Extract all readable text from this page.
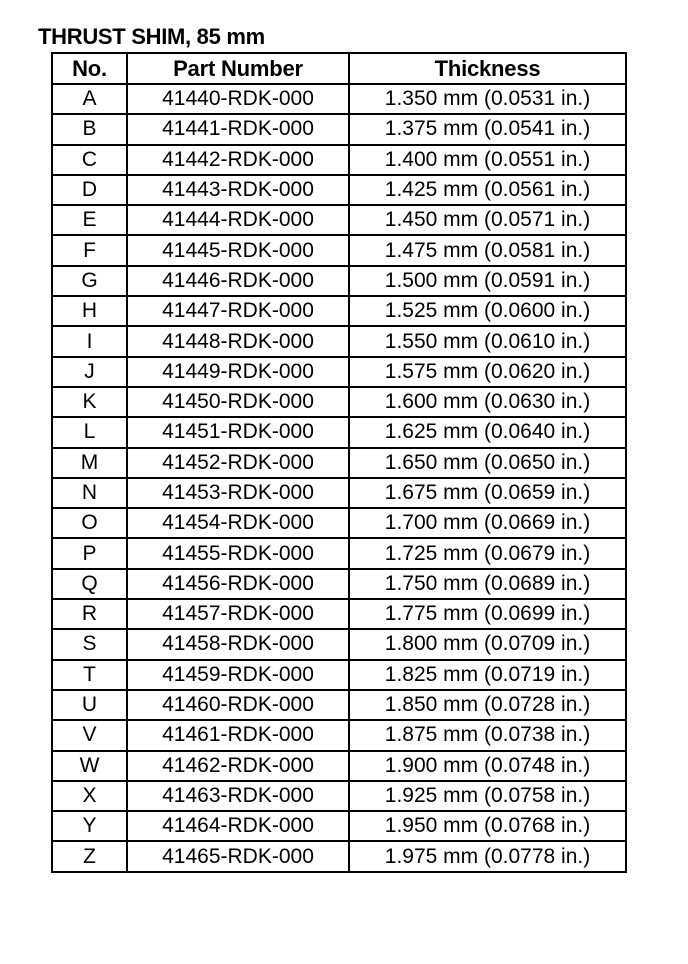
THRUST SHIM, 85 mm
No.	Part Number	Thickness
A	41440-RDK-000	1.350 mm (0.0531 in.)
B	41441-RDK-000	1.375 mm (0.0541 in.)
C	41442-RDK-000	1.400 mm (0.0551 in.)
D	41443-RDK-000	1.425 mm (0.0561 in.)
E	41444-RDK-000	1.450 mm (0.0571 in.)
F	41445-RDK-000	1.475 mm (0.0581 in.)
G	41446-RDK-000	1.500 mm (0.0591 in.)
H	41447-RDK-000	1.525 mm (0.0600 in.)
I	41448-RDK-000	1.550 mm (0.0610 in.)
J	41449-RDK-000	1.575 mm (0.0620 in.)
K	41450-RDK-000	1.600 mm (0.0630 in.)
L	41451-RDK-000	1.625 mm (0.0640 in.)
M	41452-RDK-000	1.650 mm (0.0650 in.)
N	41453-RDK-000	1.675 mm (0.0659 in.)
O	41454-RDK-000	1.700 mm (0.0669 in.)
P	41455-RDK-000	1.725 mm (0.0679 in.)
Q	41456-RDK-000	1.750 mm (0.0689 in.)
R	41457-RDK-000	1.775 mm (0.0699 in.)
S	41458-RDK-000	1.800 mm (0.0709 in.)
T	41459-RDK-000	1.825 mm (0.0719 in.)
U	41460-RDK-000	1.850 mm (0.0728 in.)
V	41461-RDK-000	1.875 mm (0.0738 in.)
W	41462-RDK-000	1.900 mm (0.0748 in.)
X	41463-RDK-000	1.925 mm (0.0758 in.)
Y	41464-RDK-000	1.950 mm (0.0768 in.)
Z	41465-RDK-000	1.975 mm (0.0778 in.)
